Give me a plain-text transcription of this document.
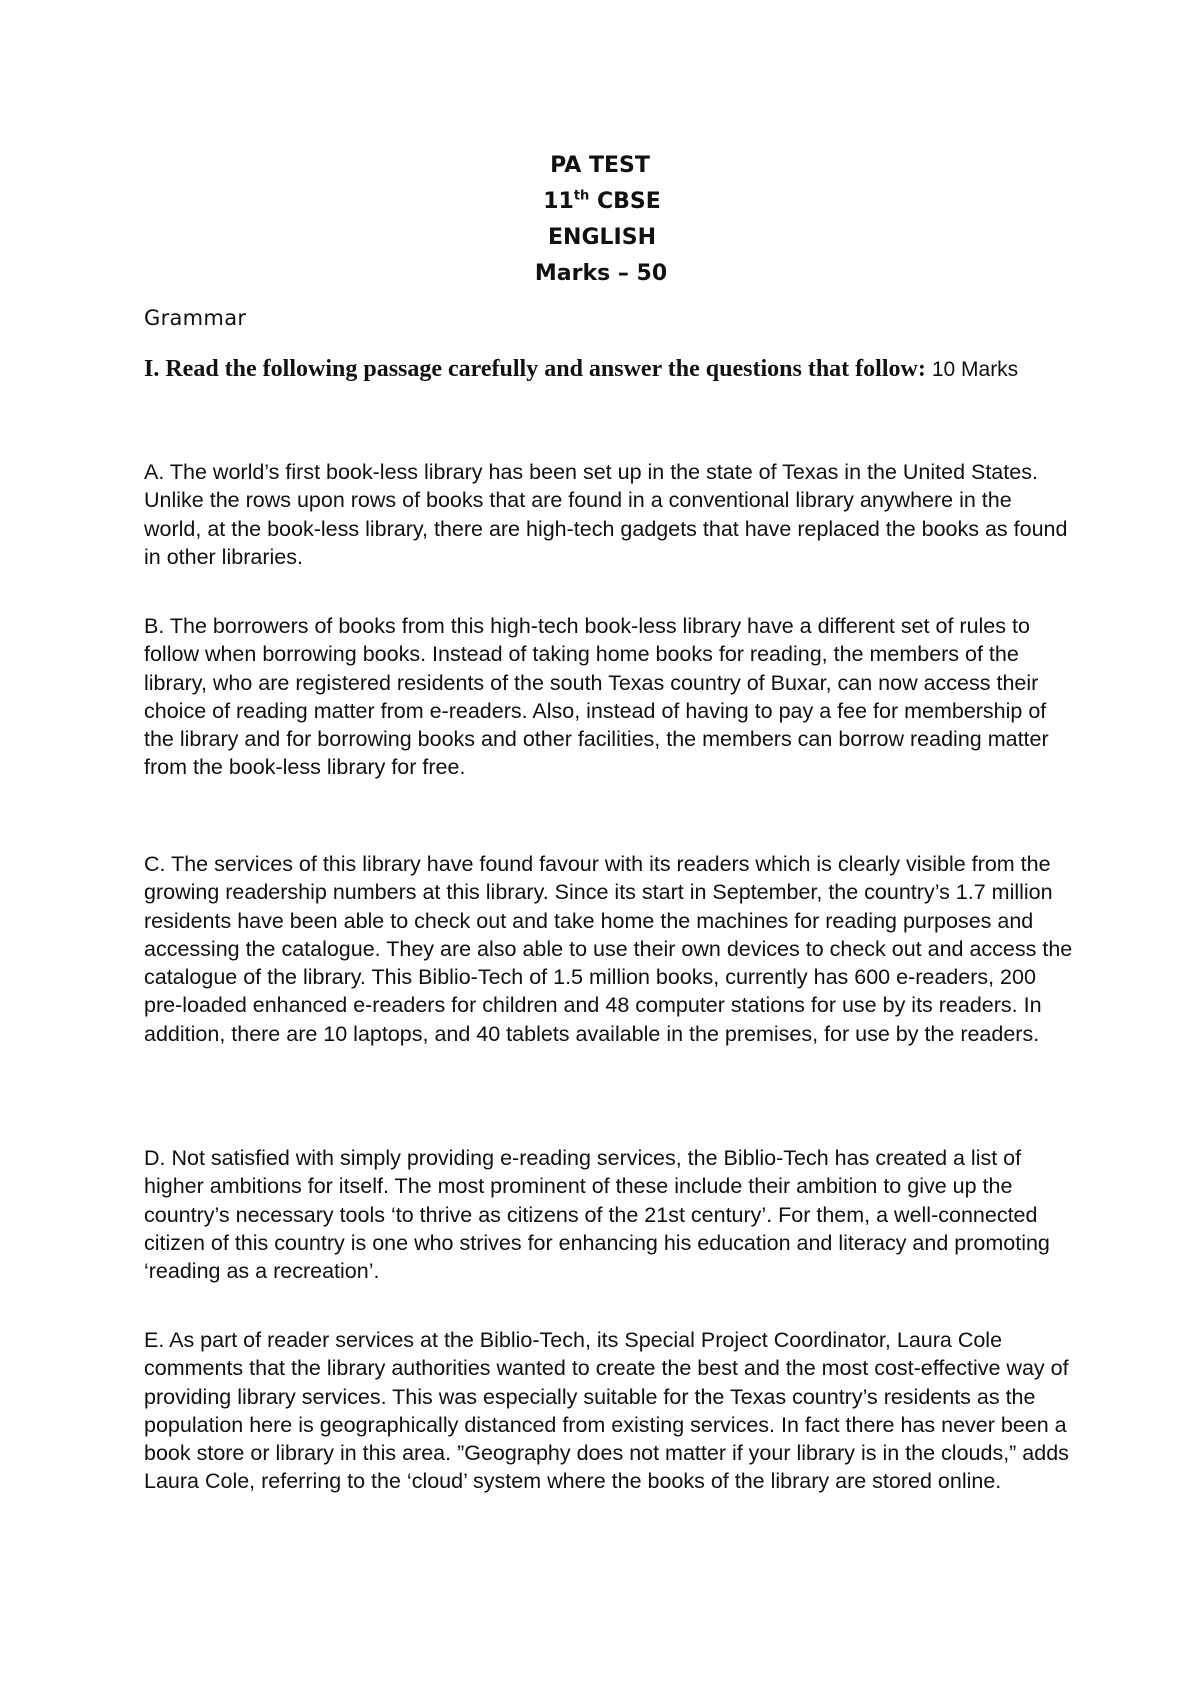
PA TEST
11th CBSE
ENGLISH
Marks – 50
Grammar
I. Read the following passage carefully and answer the questions that follow: 10 Marks

A. The world’s first book-less library has been set up in the state of Texas in the United States. Unlike the rows upon rows of books that are found in a conventional library anywhere in the world, at the book-less library, there are high-tech gadgets that have replaced the books as found in other libraries.

B. The borrowers of books from this high-tech book-less library have a different set of rules to follow when borrowing books. Instead of taking home books for reading, the members of the library, who are registered residents of the south Texas country of Buxar, can now access their choice of reading matter from e-readers. Also, instead of having to pay a fee for membership of the library and for borrowing books and other facilities, the members can borrow reading matter from the book-less library for free.

C. The services of this library have found favour with its readers which is clearly visible from the growing readership numbers at this library. Since its start in September, the country’s 1.7 million residents have been able to check out and take home the machines for reading purposes and accessing the catalogue. They are also able to use their own devices to check out and access the catalogue of the library. This Biblio-Tech of 1.5 million books, currently has 600 e-readers, 200 pre-loaded enhanced e-readers for children and 48 computer stations for use by its readers. In addition, there are 10 laptops, and 40 tablets available in the premises, for use by the readers.

D. Not satisfied with simply providing e-reading services, the Biblio-Tech has created a list of higher ambitions for itself. The most prominent of these include their ambition to give up the country’s necessary tools ‘to thrive as citizens of the 21st century’. For them, a well-connected citizen of this country is one who strives for enhancing his education and literacy and promoting ‘reading as a recreation’.

E. As part of reader services at the Biblio-Tech, its Special Project Coordinator, Laura Cole comments that the library authorities wanted to create the best and the most cost-effective way of providing library services. This was especially suitable for the Texas country’s residents as the population here is geographically distanced from existing services. In fact there has never been a book store or library in this area. ”Geography does not matter if your library is in the clouds,” adds Laura Cole, referring to the ‘cloud’ system where the books of the library are stored online.
